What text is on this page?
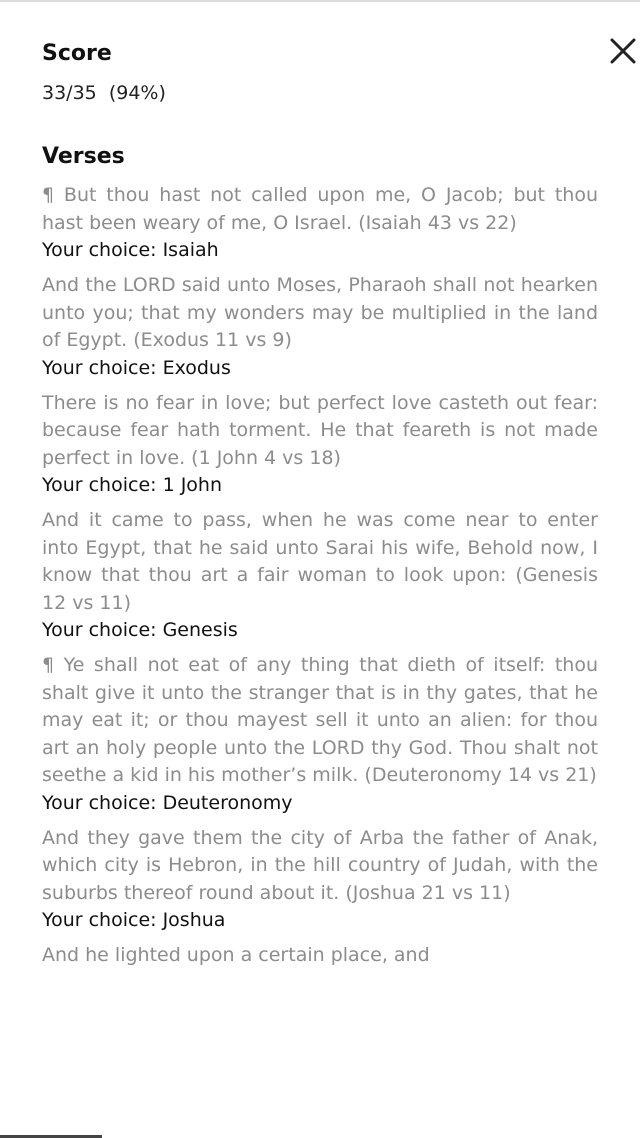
Score
33/35  (94%)
Verses

¶ But thou hast not called upon me, O Jacob; but thou hast been weary of me, O Israel. (Isaiah 43 vs 22)

Your choice: Isaiah

And the LORD said unto Moses, Pharaoh shall not hearken unto you; that my wonders may be multiplied in the land of Egypt. (Exodus 11 vs 9)

Your choice: Exodus

There is no fear in love; but perfect love casteth out fear: because fear hath torment. He that feareth is not made perfect in love. (1 John 4 vs 18)

Your choice: 1 John

And it came to pass, when he was come near to enter into Egypt, that he said unto Sarai his wife, Behold now, I know that thou art a fair woman to look upon: (Genesis 12 vs 11)

Your choice: Genesis

¶ Ye shall not eat of any thing that dieth of itself: thou shalt give it unto the stranger that is in thy gates, that he may eat it; or thou mayest sell it unto an alien: for thou art an holy people unto the LORD thy God. Thou shalt not seethe a kid in his mother’s milk. (Deuteronomy 14 vs 21)

Your choice: Deuteronomy

And they gave them the city of Arba the father of Anak, which city is Hebron, in the hill country of Judah, with the suburbs thereof round about it. (Joshua 21 vs 11)

Your choice: Joshua

And he lighted upon a certain place, and
